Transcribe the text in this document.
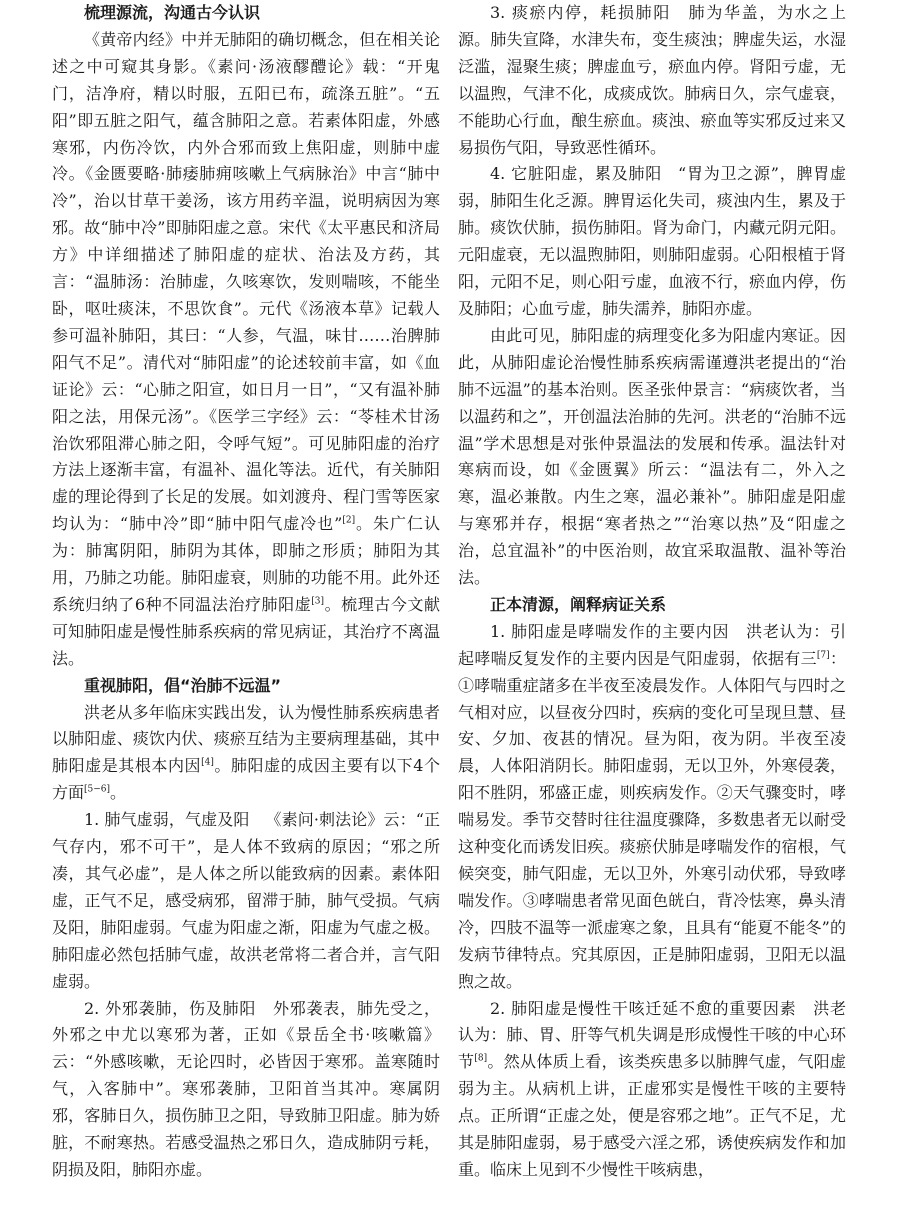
梳理源流，沟通古今认识

《黄帝内经》中并无肺阳的确切概念，但在相关论述之中可窥其身影。《素问·汤液醪醴论》载：“开鬼门，洁净府，精以时服，五阳已布，疏涤五脏”。“五阳”即五脏之阳气，蕴含肺阳之意。若素体阳虚，外感寒邪，内伤冷饮，内外合邪而致上焦阳虚，则肺中虚冷。《金匮要略·肺痿肺痈咳嗽上气病脉治》中言“肺中冷”，治以甘草干姜汤，该方用药辛温，说明病因为寒邪。故“肺中冷”即肺阳虚之意。宋代《太平惠民和济局方》中详细描述了肺阳虚的症状、治法及方药，其言：“温肺汤：治肺虚，久咳寒饮，发则喘咳，不能坐卧，呕吐痰沫，不思饮食”。元代《汤液本草》记载人参可温补肺阳，其曰：“人参，气温，味甘……治脾肺阳气不足”。清代对“肺阳虚”的论述较前丰富，如《血证论》云：“心肺之阳宣，如日月一日”，“又有温补肺阳之法，用保元汤”。《医学三字经》云：“苓桂术甘汤治饮邪阻滞心肺之阳，令呼气短”。可见肺阳虚的治疗方法上逐渐丰富，有温补、温化等法。近代，有关肺阳虚的理论得到了长足的发展。如刘渡舟、程门雪等医家均认为：“肺中冷”即“肺中阳气虚冷也”[2]。朱广仁认为：肺寓阴阳，肺阴为其体，即肺之形质；肺阳为其用，乃肺之功能。肺阳虚衰，则肺的功能不用。此外还系统归纳了6种不同温法治疗肺阳虚[3]。梳理古今文献可知肺阳虚是慢性肺系疾病的常见病证，其治疗不离温法。

重视肺阳，倡“治肺不远温”

洪老从多年临床实践出发，认为慢性肺系疾病患者以肺阳虚、痰饮内伏、痰瘀互结为主要病理基础，其中肺阳虚是其根本内因[4]。肺阳虚的成因主要有以下4个方面[5−6]。

1. 肺气虚弱，气虚及阳  《素问·刺法论》云：“正气存内，邪不可干”，是人体不致病的原因；“邪之所凑，其气必虚”，是人体之所以能致病的因素。素体阳虚，正气不足，感受病邪，留滞于肺，肺气受损。气病及阳，肺阳虚弱。气虚为阳虚之渐，阳虚为气虚之极。肺阳虚必然包括肺气虚，故洪老常将二者合并，言气阳虚弱。

2. 外邪袭肺，伤及肺阳  外邪袭表，肺先受之，外邪之中尤以寒邪为著，正如《景岳全书·咳嗽篇》云：“外感咳嗽，无论四时，必皆因于寒邪。盖寒随时气，入客肺中”。寒邪袭肺，卫阳首当其冲。寒属阴邪，客肺日久，损伤肺卫之阳，导致肺卫阳虚。肺为娇脏，不耐寒热。若感受温热之邪日久，造成肺阴亏耗，阴损及阳，肺阳亦虚。

3. 痰瘀内停，耗损肺阳  肺为华盖，为水之上源。肺失宣降，水津失布，变生痰浊；脾虚失运，水湿泛滥，湿聚生痰；脾虚血亏，瘀血内停。肾阳亏虚，无以温煦，气津不化，成痰成饮。肺病日久，宗气虚衰，不能助心行血，酿生瘀血。痰浊、瘀血等实邪反过来又易损伤气阳，导致恶性循环。

4. 它脏阳虚，累及肺阳  “胃为卫之源”，脾胃虚弱，肺阳生化乏源。脾胃运化失司，痰浊内生，累及于肺。痰饮伏肺，损伤肺阳。肾为命门，内藏元阴元阳。元阳虚衰，无以温煦肺阳，则肺阳虚弱。心阳根植于肾阳，元阳不足，则心阳亏虚，血液不行，瘀血内停，伤及肺阳；心血亏虚，肺失濡养，肺阳亦虚。

由此可见，肺阳虚的病理变化多为阳虚内寒证。因此，从肺阳虚论治慢性肺系疾病需谨遵洪老提出的“治肺不远温”的基本治则。医圣张仲景言：“病痰饮者，当以温药和之”，开创温法治肺的先河。洪老的“治肺不远温”学术思想是对张仲景温法的发展和传承。温法针对寒病而设，如《金匮翼》所云：“温法有二，外入之寒，温必兼散。内生之寒，温必兼补”。肺阳虚是阳虚与寒邪并存，根据“寒者热之”“治寒以热”及“阳虚之治，总宜温补”的中医治则，故宜采取温散、温补等治法。

正本清源，阐释病证关系

1. 肺阳虚是哮喘发作的主要内因  洪老认为：引起哮喘反复发作的主要内因是气阳虚弱，依据有三[7]：①哮喘重症諸多在半夜至凌晨发作。人体阳气与四时之气相对应，以昼夜分四时，疾病的变化可呈现旦慧、昼安、夕加、夜甚的情况。昼为阳，夜为阴。半夜至凌晨，人体阳消阴长。肺阳虚弱，无以卫外，外寒侵袭，阳不胜阴，邪盛正虚，则疾病发作。②天气骤变时，哮喘易发。季节交替时往往温度骤降，多数患者无以耐受这种变化而诱发旧疾。痰瘀伏肺是哮喘发作的宿根，气候突变，肺气阳虚，无以卫外，外寒引动伏邪，导致哮喘发作。③哮喘患者常见面色㿠白，背冷怯寒，鼻头清冷，四肢不温等一派虚寒之象，且具有“能夏不能冬”的发病节律特点。究其原因，正是肺阳虚弱，卫阳无以温煦之故。

2. 肺阳虚是慢性干咳迁延不愈的重要因素  洪老认为：肺、胃、肝等气机失调是形成慢性干咳的中心环节[8]。然从体质上看，该类疾患多以肺脾气虚，气阳虚弱为主。从病机上讲，正虚邪实是慢性干咳的主要特点。正所谓“正虚之处，便是容邪之地”。正气不足，尤其是肺阳虚弱，易于感受六淫之邪，诱使疾病发作和加重。临床上见到不少慢性干咳病患，
